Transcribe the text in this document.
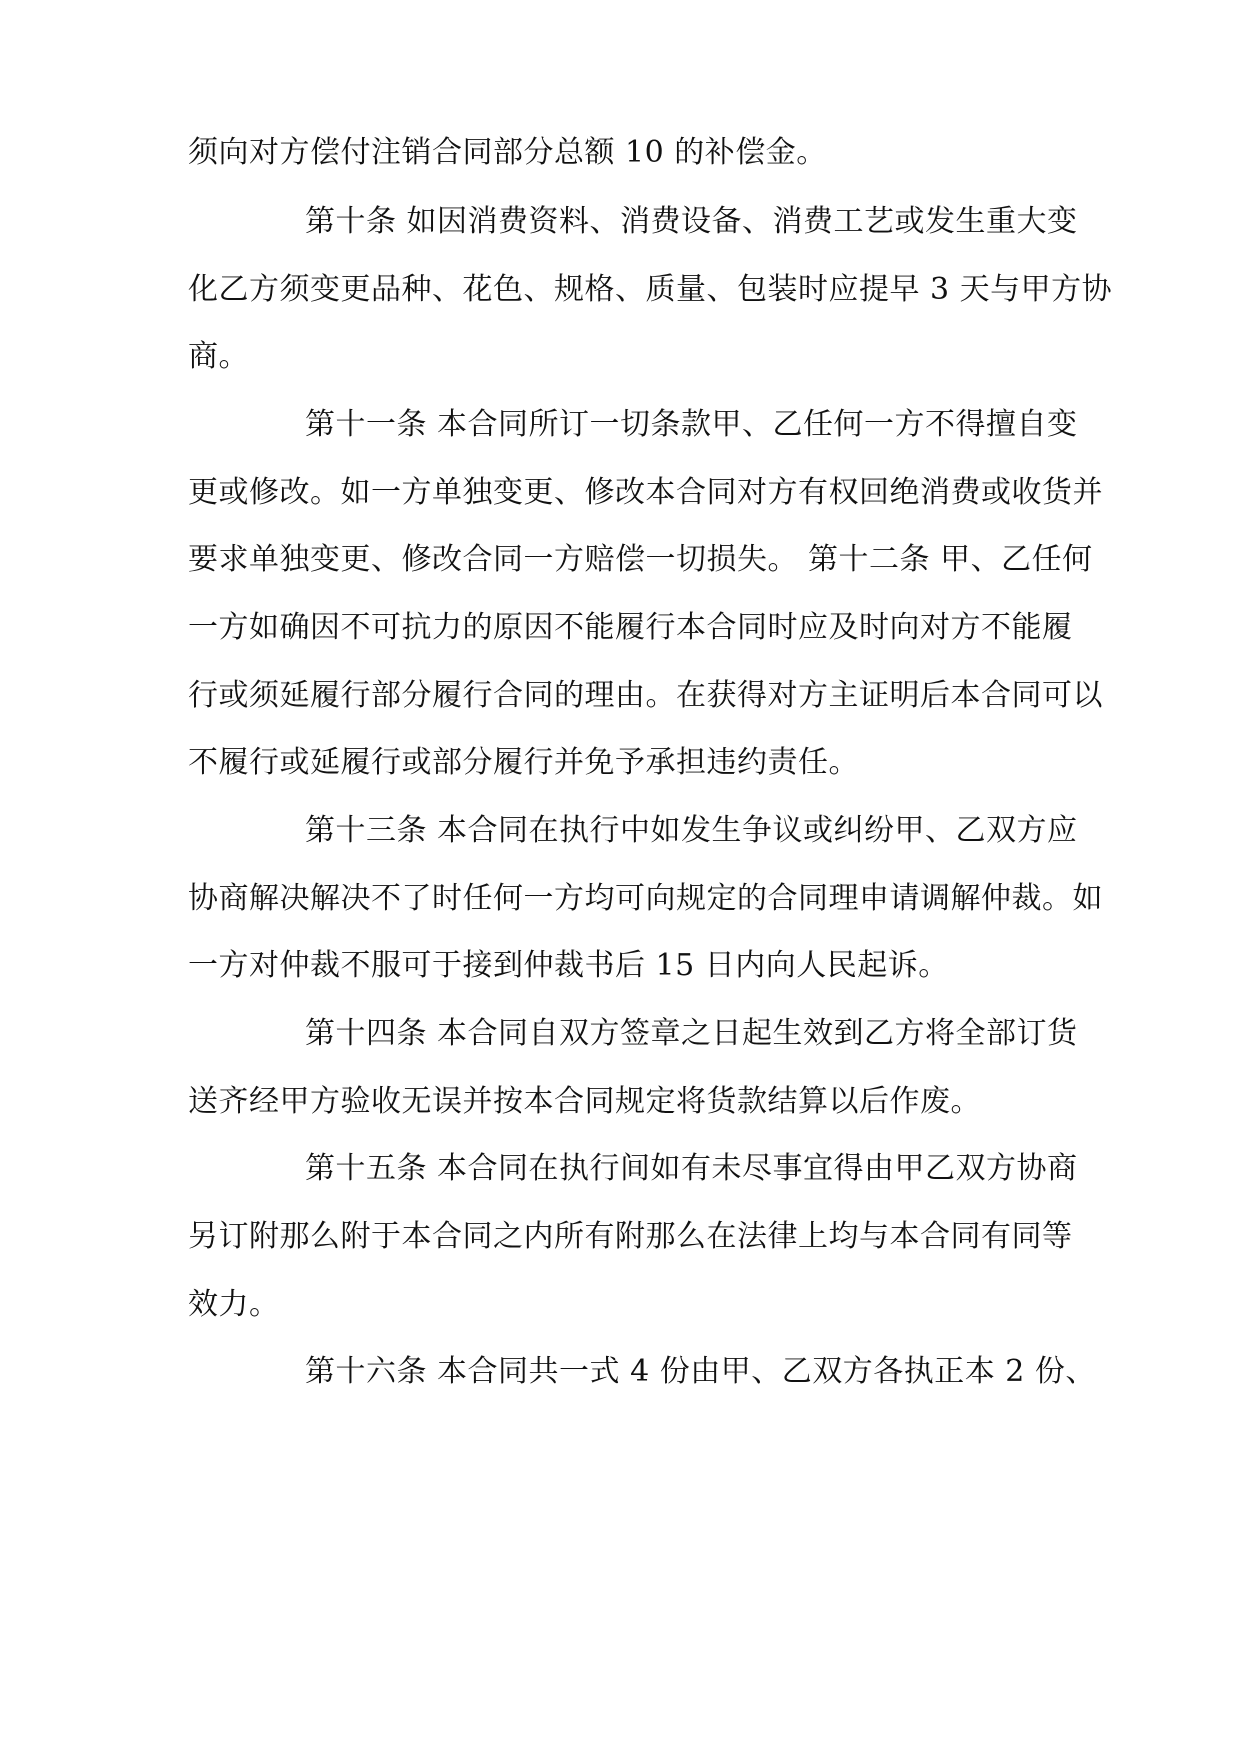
须向对方偿付注销合同部分总额 10 的补偿金。
第十条 如因消费资料、消费设备、消费工艺或发生重大变
化乙方须变更品种、花色、规格、质量、包装时应提早 3 天与甲方协
商。
第十一条 本合同所订一切条款甲、乙任何一方不得擅自变
更或修改。如一方单独变更、修改本合同对方有权回绝消费或收货并
要求单独变更、修改合同一方赔偿一切损失。 第十二条 甲、乙任何
一方如确因不可抗力的原因不能履行本合同时应及时向对方不能履
行或须延履行部分履行合同的理由。在获得对方主证明后本合同可以
不履行或延履行或部分履行并免予承担违约责任。
第十三条 本合同在执行中如发生争议或纠纷甲、乙双方应
协商解决解决不了时任何一方均可向规定的合同理申请调解仲裁。如
一方对仲裁不服可于接到仲裁书后 15 日内向人民起诉。
第十四条 本合同自双方签章之日起生效到乙方将全部订货
送齐经甲方验收无误并按本合同规定将货款结算以后作废。
第十五条 本合同在执行间如有未尽事宜得由甲乙双方协商
另订附那么附于本合同之内所有附那么在法律上均与本合同有同等
效力。
第十六条 本合同共一式 4 份由甲、乙双方各执正本 2 份、
